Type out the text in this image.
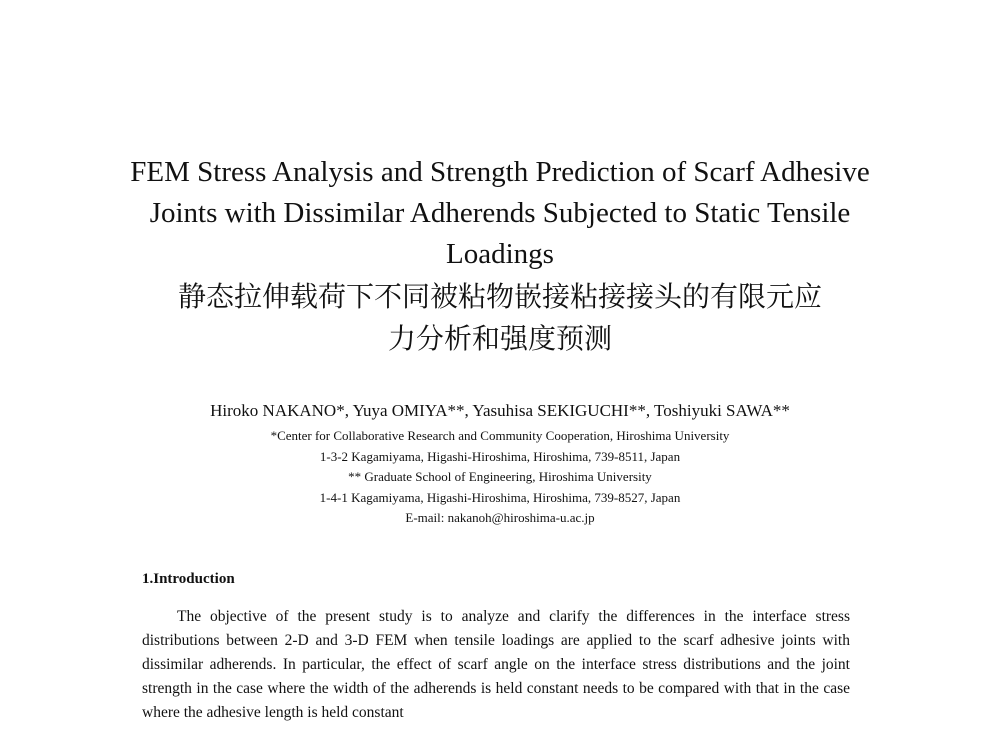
FEM Stress Analysis and Strength Prediction of Scarf Adhesive Joints with Dissimilar Adherends Subjected to Static Tensile Loadings
静态拉伸载荷下不同被粘物嵌接粘接接头的有限元应
力分析和强度预测
Hiroko NAKANO*, Yuya OMIYA**, Yasuhisa SEKIGUCHI**, Toshiyuki SAWA**
*Center for Collaborative Research and Community Cooperation, Hiroshima University
1-3-2 Kagamiyama, Higashi-Hiroshima, Hiroshima, 739-8511, Japan
** Graduate School of Engineering, Hiroshima University
1-4-1 Kagamiyama, Higashi-Hiroshima, Hiroshima, 739-8527, Japan
E-mail: nakanoh@hiroshima-u.ac.jp
1.Introduction

The objective of the present study is to analyze and clarify the differences in the interface stress distributions between 2-D and 3-D FEM when tensile loadings are applied to the scarf adhesive joints with dissimilar adherends. In particular, the effect of scarf angle on the interface stress distributions and the joint strength in the case where the width of the adherends is held constant needs to be compared with that in the case where the adhesive length is held constant
